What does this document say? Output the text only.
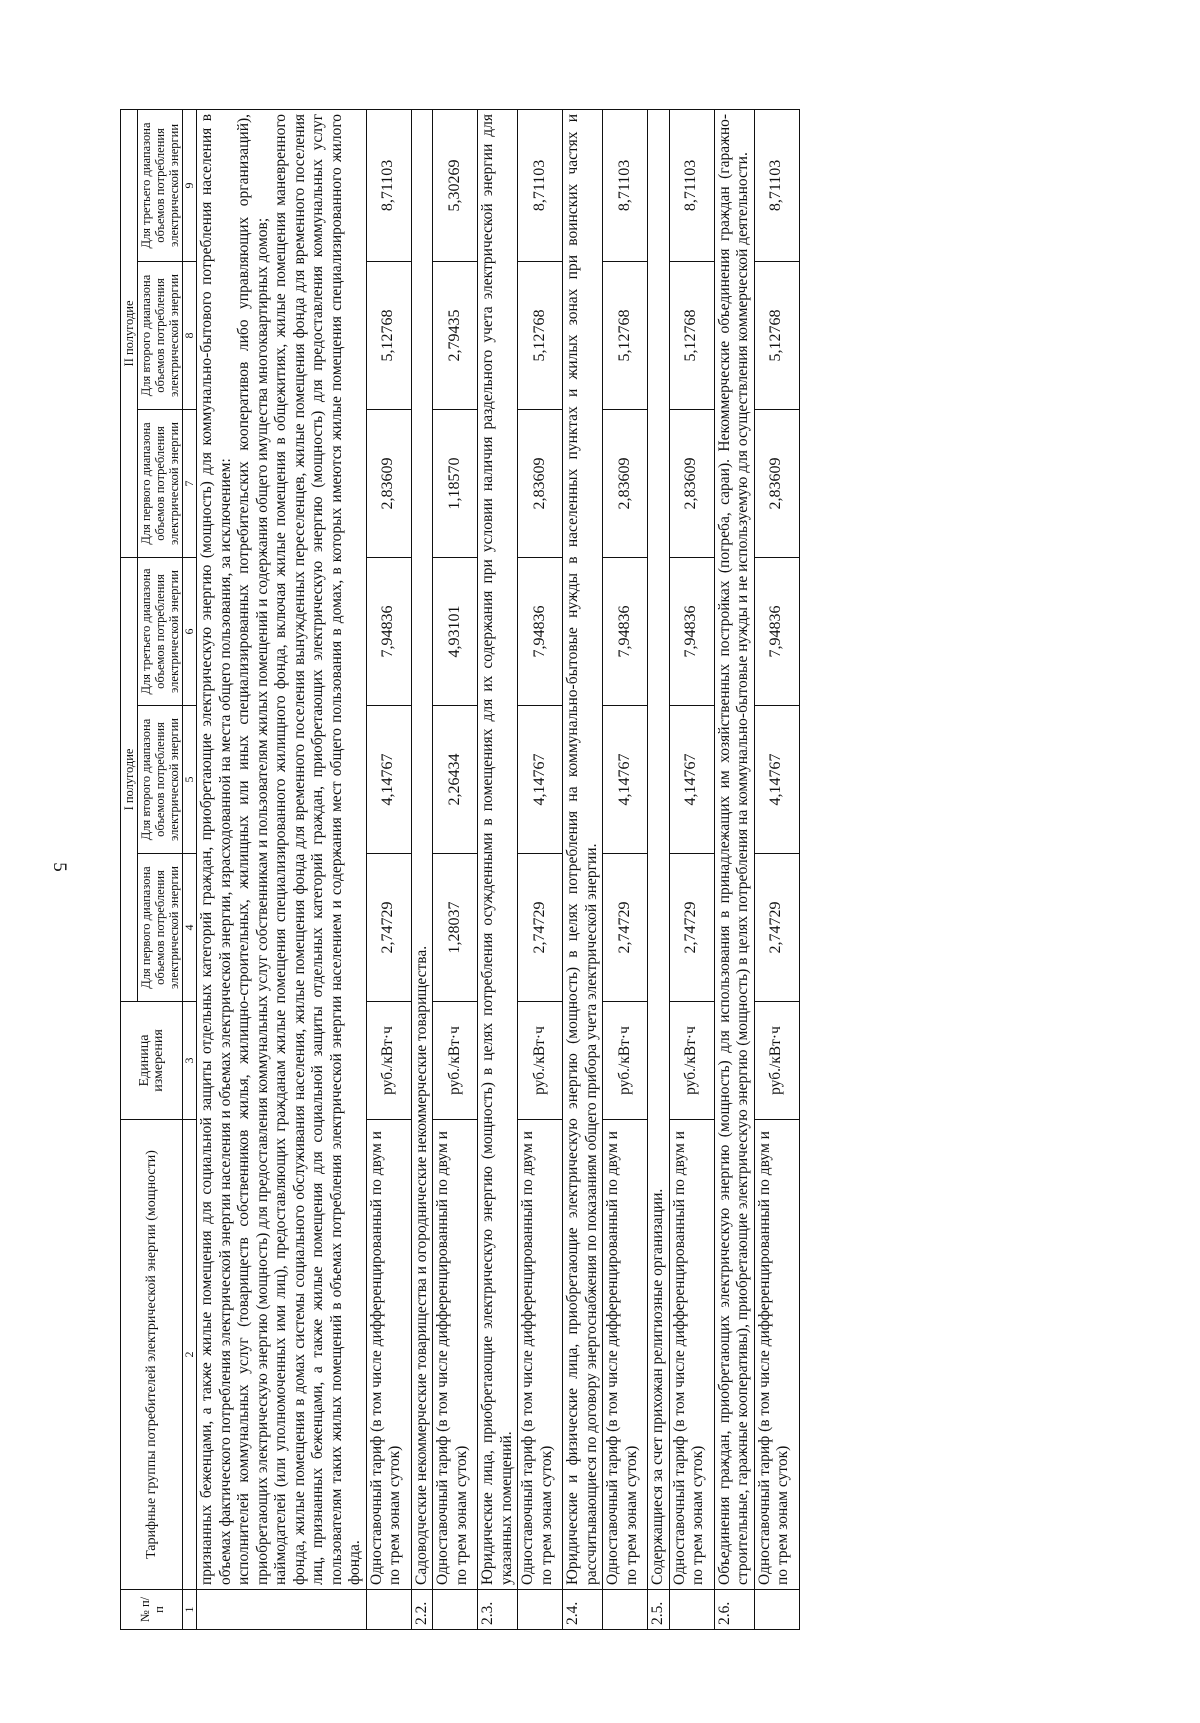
5
№ п/п	Тарифные группы потребителей электрической энергии (мощности)	Единица измерения	I полугодие			II полугодие		
			Для первого диапазона объемов потребления электрической энергии	Для второго диапазона объемов потребления электрической энергии	Для третьего диапазона объемов потребления электрической энергии	Для первого диапазона объемов потребления электрической энергии	Для второго диапазона объемов потребления электрической энергии	Для третьего диапазона объемов потребления электрической энергии
1	2	3	4	5	6	7	8	9

	признанных беженцами, а также жилые помещения для социальной защиты отдельных категорий граждан, приобретающие электрическую энергию (мощность) для коммунально-бытового потребления населения в объемах фактического потребления электрической энергии населения и объемах электрической энергии, израсходованной на места общего пользования, за исключением: исполнителей коммунальных услуг (товариществ собственников жилья, жилищно-строительных, жилищных или иных специализированных потребительских кооперативов либо управляющих организаций), приобретающих электрическую энергию (мощность) для предоставления коммунальных услуг собственникам и пользователям жилых помещений и содержания общего имущества многоквартирных домов; наймодателей (или уполномоченных ими лиц), предоставляющих гражданам жилые помещения специализированного жилищного фонда, включая жилые помещения в общежитиях, жилые помещения маневренного фонда, жилые помещения в домах системы социального обслуживания населения, жилые помещения фонда для временного поселения вынужденных переселенцев, жилые помещения фонда для временного поселения лиц, признанных беженцами, а также жилые помещения для социальной защиты отдельных категорий граждан, приобретающих электрическую энергию (мощность) для предоставления коммунальных услуг пользователям таких жилых помещений в объемах потребления электрической энергии населением и содержания мест общего пользования в домах, в которых имеются жилые помещения специализированного жилого фонда.							

	Одноставочный тариф (в том числе дифференцированный по двум и по трем зонам суток)	руб./кВт·ч	2,74729	4,14767	7,94836	2,83609	5,12768	8,71103
2.2.	Садоводческие некоммерческие товарищества и огороднические некоммерческие товарищества.							
	Одноставочный тариф (в том числе дифференцированный по двум и по трем зонам суток)	руб./кВт·ч	1,28037	2,26434	4,93101	1,18570	2,79435	5,30269
2.3.	Юридические лица, приобретающие электрическую энергию (мощность) в целях потребления осужденными в помещениях для их содержания при условии наличия раздельного учета электрической энергии для указанных помещений.							
	Одноставочный тариф (в том числе дифференцированный по двум и по трем зонам суток)	руб./кВт·ч	2,74729	4,14767	7,94836	2,83609	5,12768	8,71103
2.4.	Юридические и физические лица, приобретающие электрическую энергию (мощность) в целях потребления на коммунально-бытовые нужды в населенных пунктах и жилых зонах при воинских частях и рассчитывающиеся по договору энергоснабжения по показаниям общего прибора учета электрической энергии.							
	Одноставочный тариф (в том числе дифференцированный по двум и по трем зонам суток)	руб./кВт·ч	2,74729	4,14767	7,94836	2,83609	5,12768	8,71103
2.5.	Содержащиеся за счет прихожан религиозные организации.							
	Одноставочный тариф (в том числе дифференцированный по двум и по трем зонам суток)	руб./кВт·ч	2,74729	4,14767	7,94836	2,83609	5,12768	8,71103
2.6.	Объединения граждан, приобретающих электрическую энергию (мощность) для использования в принадлежащих им хозяйственных постройках (погреба, сараи). Некоммерческие объединения граждан (гаражно-строительные, гаражные кооперативы), приобретающие электрическую энергию (мощность) в целях потребления на коммунально-бытовые нужды и не используемую для осуществления коммерческой деятельности.							
	Одноставочный тариф (в том числе дифференцированный по двум и по трем зонам суток)	руб./кВт·ч	2,74729	4,14767	7,94836	2,83609	5,12768	8,71103
